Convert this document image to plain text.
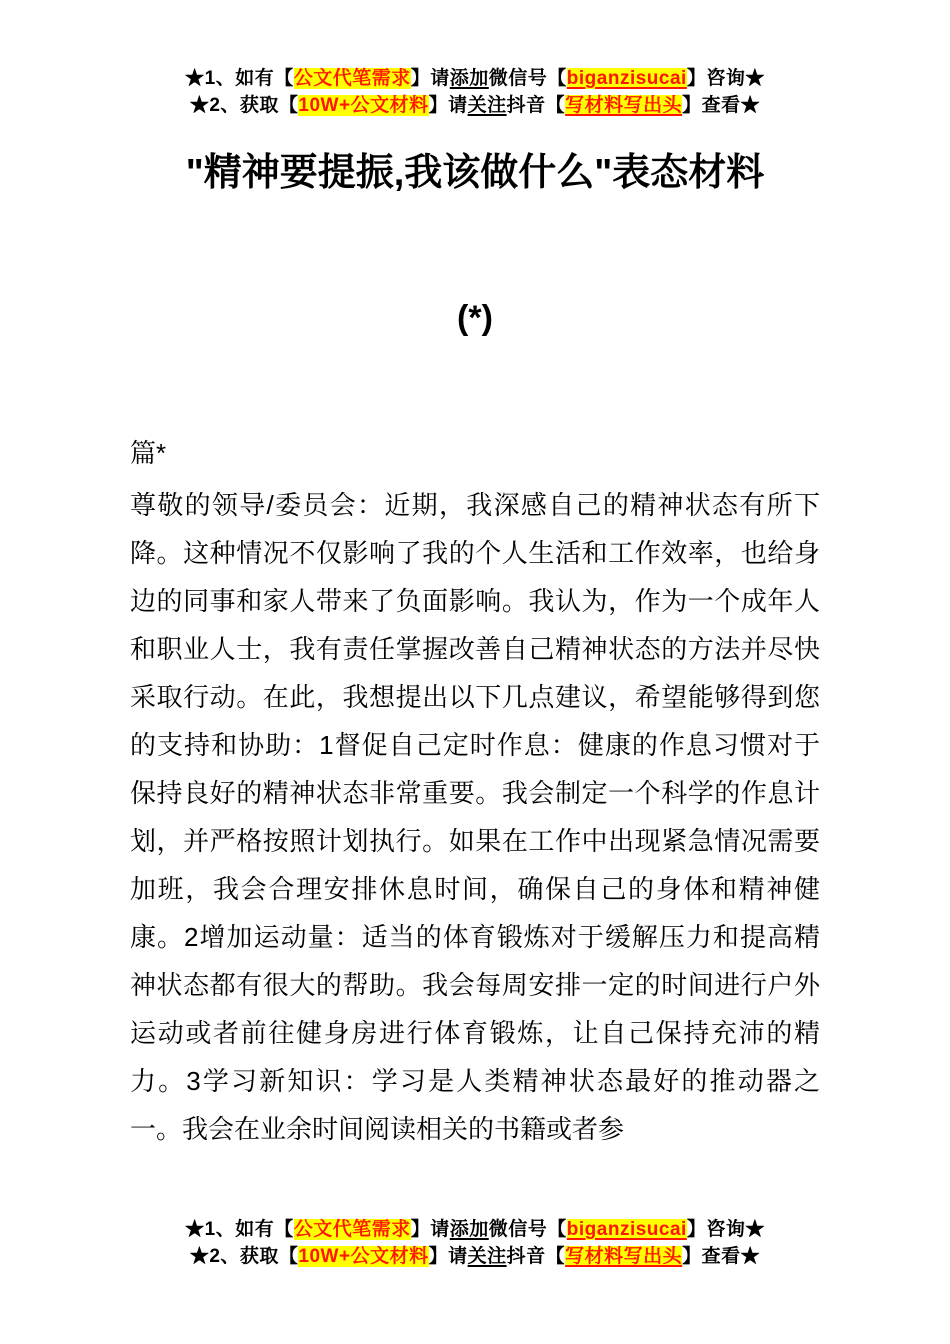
★1、如有【公文代笔需求】请添加微信号【biganzisucai】咨询★
★2、获取【10W+公文材料】请关注抖音【写材料写出头】查看★
"精神要提振,我该做什么"表态材料
(*)

篇*

尊敬的领导/委员会：近期，我深感自己的精神状态有所下降。这种情况不仅影响了我的个人生活和工作效率，也给身边的同事和家人带来了负面影响。我认为，作为一个成年人和职业人士，我有责任掌握改善自己精神状态的方法并尽快采取行动。在此，我想提出以下几点建议，希望能够得到您的支持和协助：1督促自己定时作息：健康的作息习惯对于保持良好的精神状态非常重要。我会制定一个科学的作息计划，并严格按照计划执行。如果在工作中出现紧急情况需要加班，我会合理安排休息时间，确保自己的身体和精神健康。2增加运动量：适当的体育锻炼对于缓解压力和提高精神状态都有很大的帮助。我会每周安排一定的时间进行户外运动或者前往健身房进行体育锻炼，让自己保持充沛的精力。3学习新知识：学习是人类精神状态最好的推动器之一。我会在业余时间阅读相关的书籍或者参

★1、如有【公文代笔需求】请添加微信号【biganzisucai】咨询★
★2、获取【10W+公文材料】请关注抖音【写材料写出头】查看★
